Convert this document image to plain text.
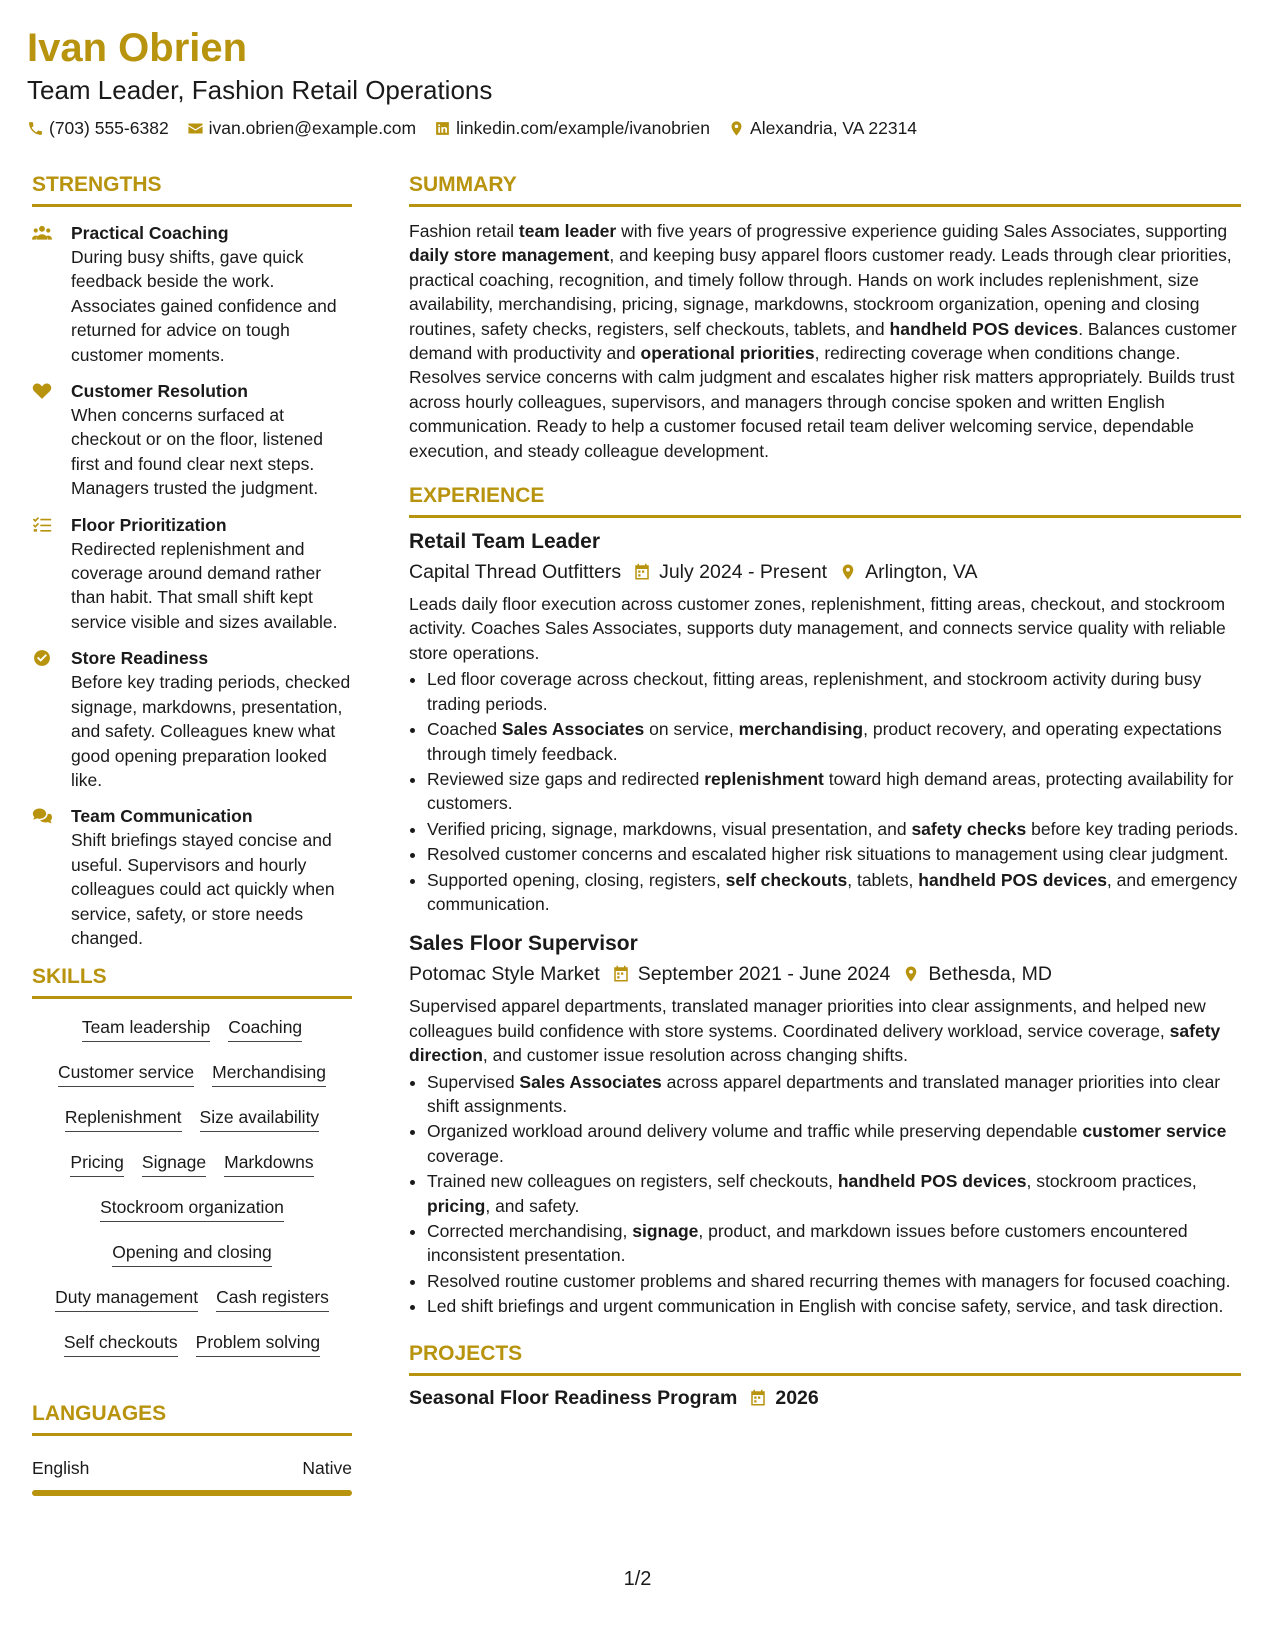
Ivan Obrien
Team Leader, Fashion Retail Operations
(703) 555-6382 ivan.obrien@example.com linkedin.com/example/ivanobrien Alexandria, VA 22314
STRENGTHS
Practical Coaching
During busy shifts, gave quick feedback beside the work. Associates gained confidence and returned for advice on tough customer moments.
Customer Resolution
When concerns surfaced at checkout or on the floor, listened first and found clear next steps. Managers trusted the judgment.
Floor Prioritization
Redirected replenishment and coverage around demand rather than habit. That small shift kept service visible and sizes available.
Store Readiness
Before key trading periods, checked signage, markdowns, presentation, and safety. Colleagues knew what good opening preparation looked like.
Team Communication
Shift briefings stayed concise and useful. Supervisors and hourly colleagues could act quickly when service, safety, or store needs changed.
SKILLS
Team leadership Coaching
Customer service Merchandising
Replenishment Size availability
Pricing Signage Markdowns
Stockroom organization
Opening and closing
Duty management Cash registers
Self checkouts Problem solving
LANGUAGES
English	Native
SUMMARY

Fashion retail team leader with five years of progressive experience guiding Sales Associates, supporting daily store management, and keeping busy apparel floors customer ready. Leads through clear priorities, practical coaching, recognition, and timely follow through. Hands on work includes replenishment, size availability, merchandising, pricing, signage, markdowns, stockroom organization, opening and closing routines, safety checks, registers, self checkouts, tablets, and handheld POS devices. Balances customer demand with productivity and operational priorities, redirecting coverage when conditions change. Resolves service concerns with calm judgment and escalates higher risk matters appropriately. Builds trust across hourly colleagues, supervisors, and managers through concise spoken and written English communication. Ready to help a customer focused retail team deliver welcoming service, dependable execution, and steady colleague development.

EXPERIENCE
Retail Team Leader
Capital Thread Outfitters July 2024 - Present Arlington, VA

Leads daily floor execution across customer zones, replenishment, fitting areas, checkout, and stockroom activity. Coaches Sales Associates, supports duty management, and connects service quality with reliable store operations.

• Led floor coverage across checkout, fitting areas, replenishment, and stockroom activity during busy trading periods.
• Coached Sales Associates on service, merchandising, product recovery, and operating expectations through timely feedback.
• Reviewed size gaps and redirected replenishment toward high demand areas, protecting availability for customers.
• Verified pricing, signage, markdowns, visual presentation, and safety checks before key trading periods.
• Resolved customer concerns and escalated higher risk situations to management using clear judgment.
• Supported opening, closing, registers, self checkouts, tablets, handheld POS devices, and emergency communication.
Sales Floor Supervisor
Potomac Style Market September 2021 - June 2024 Bethesda, MD

Supervised apparel departments, translated manager priorities into clear assignments, and helped new colleagues build confidence with store systems. Coordinated delivery workload, service coverage, safety direction, and customer issue resolution across changing shifts.

• Supervised Sales Associates across apparel departments and translated manager priorities into clear shift assignments.
• Organized workload around delivery volume and traffic while preserving dependable customer service coverage.
• Trained new colleagues on registers, self checkouts, handheld POS devices, stockroom practices, pricing, and safety.
• Corrected merchandising, signage, product, and markdown issues before customers encountered inconsistent presentation.
• Resolved routine customer problems and shared recurring themes with managers for focused coaching.
• Led shift briefings and urgent communication in English with concise safety, service, and task direction.
PROJECTS
Seasonal Floor Readiness Program 2026
1/2
